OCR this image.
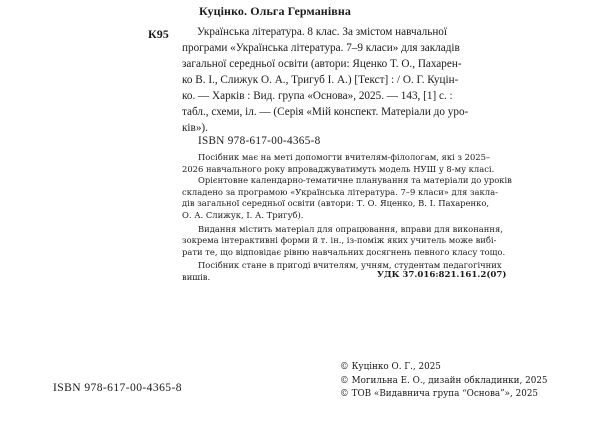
Куцінко. Ольга Германівна
К95	Українська література. 8 клас. За змістом навчальної
програми «Українська література. 7–9 класи» для закладів
загальної середньої освіти (автори: Яценко Т. О., Пахарен-
ко В. І., Слижук О. А., Тригуб І. А.) [Текст] : / О. Г. Куцін-
ко. — Харків : Вид. група «Основа», 2025. — 143, [1] с. :
табл., схеми, іл. — (Серія «Мій конспект. Матеріали до уро-
ків»).
ISBN 978-617-00-4365-8
Посібник має на меті допомогти вчителям-філологам, які з 2025–
2026 навчального року впроваджуватимуть модель НУШ у 8-му класі.
Орієнтовне календарно-тематичне планування та матеріали до уроків
складено за програмою «Українська література. 7–9 класи» для закла-
дів загальної середньої освіти (автори: Т. О. Яценко, В. І. Пахаренко,
О. А. Слижук, І. А. Тригуб).
Видання містить матеріал для опрацювання, вправи для виконання,
зокрема інтерактивні форми й т. ін., із-поміж яких учитель може вибі-
рати те, що відповідає рівню навчальних досягнень певного класу тощо.
Посібник стане в пригоді вчителям, учням, студентам педагогічних
вишів.	УДК 37.016:821.161.2(07)
ISBN 978-617-00-4365-8
© Куцінко О. Г., 2025
© Могильна Е. О., дизайн обкладинки, 2025
© ТОВ «Видавнича група “Основа”», 2025
